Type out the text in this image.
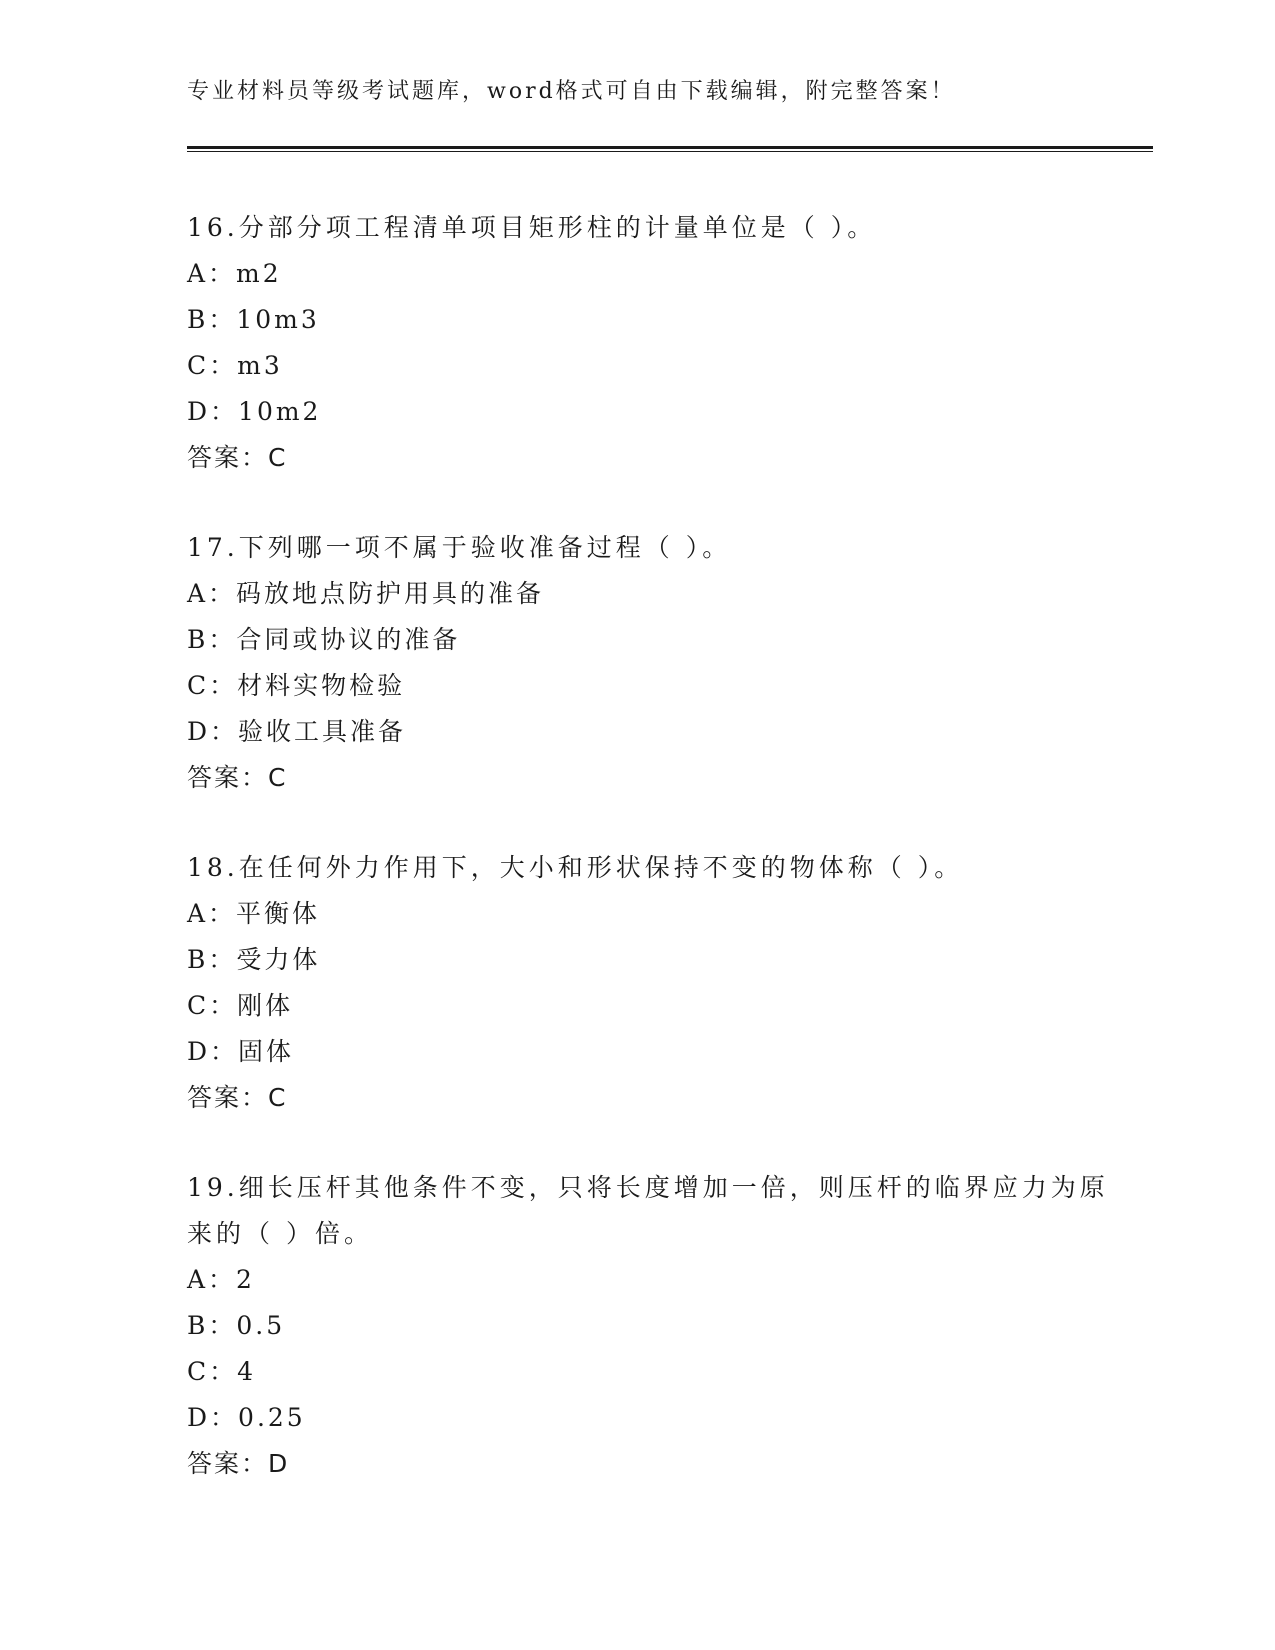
专业材料员等级考试题库，word格式可自由下载编辑，附完整答案！

16.分部分项工程清单项目矩形柱的计量单位是（ ）。

A：m2

B：10m3

C：m3

D：10m2

答案：C

17.下列哪一项不属于验收准备过程（ ）。

A：码放地点防护用具的准备

B：合同或协议的准备

C：材料实物检验

D：验收工具准备

答案：C

18.在任何外力作用下，大小和形状保持不变的物体称（ ）。

A：平衡体

B：受力体

C：刚体

D：固体

答案：C

19.细长压杆其他条件不变，只将长度增加一倍，则压杆的临界应力为原来的（ ）倍。

A：2

B：0.5

C：4

D：0.25

答案：D
